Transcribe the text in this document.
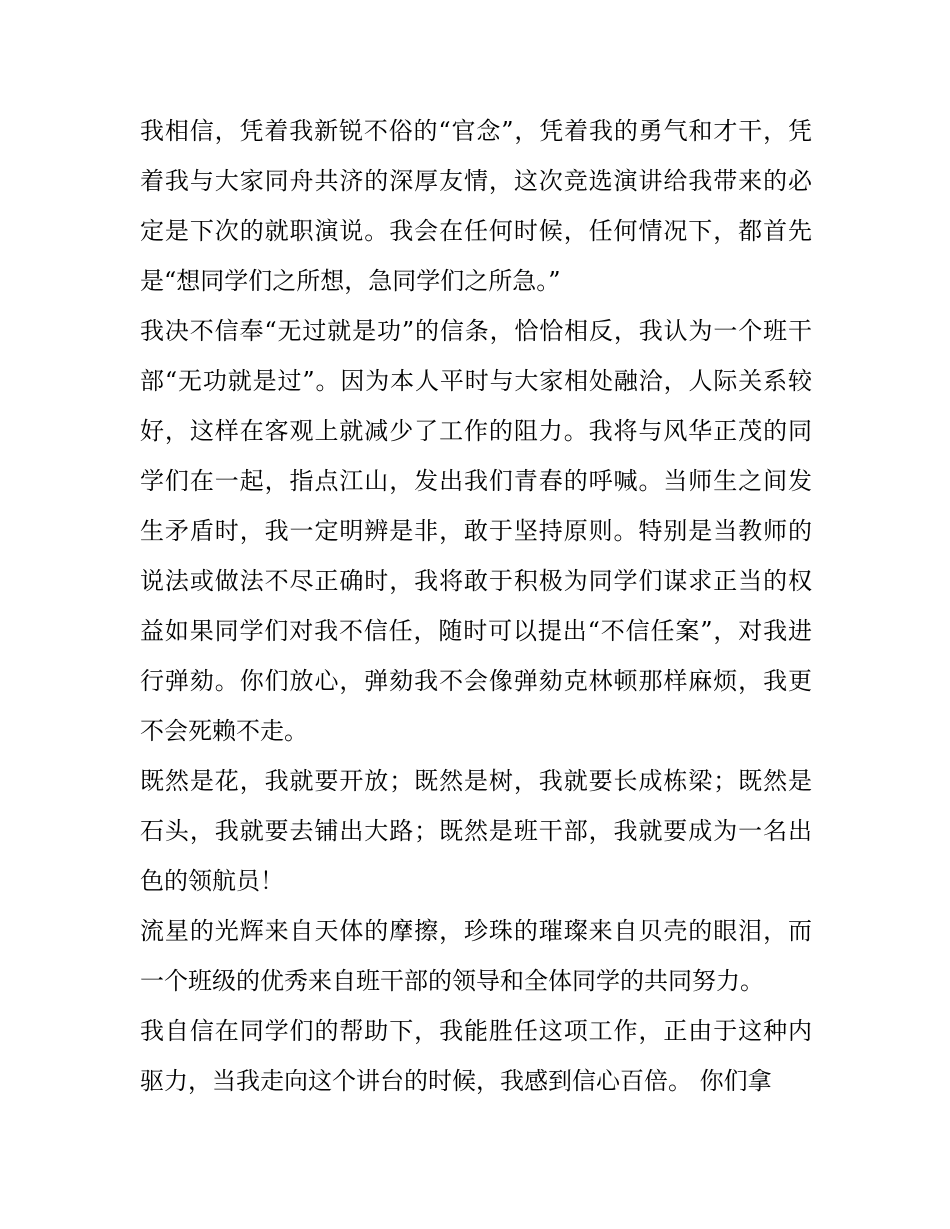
我相信，凭着我新锐不俗的“官念”，凭着我的勇气和才干，凭
着我与大家同舟共济的深厚友情，这次竞选演讲给我带来的必
定是下次的就职演说。我会在任何时候，任何情况下，都首先
是“想同学们之所想，急同学们之所急。”
我决不信奉“无过就是功”的信条，恰恰相反，我认为一个班干
部“无功就是过”。因为本人平时与大家相处融洽，人际关系较
好，这样在客观上就减少了工作的阻力。我将与风华正茂的同
学们在一起，指点江山，发出我们青春的呼喊。当师生之间发
生矛盾时，我一定明辨是非，敢于坚持原则。特别是当教师的
说法或做法不尽正确时，我将敢于积极为同学们谋求正当的权
益如果同学们对我不信任，随时可以提出“不信任案”，对我进
行弹劾。你们放心，弹劾我不会像弹劾克林顿那样麻烦，我更
不会死赖不走。
既然是花，我就要开放；既然是树，我就要长成栋梁；既然是
石头，我就要去铺出大路；既然是班干部，我就要成为一名出
色的领航员！
流星的光辉来自天体的摩擦，珍珠的璀璨来自贝壳的眼泪，而
一个班级的优秀来自班干部的领导和全体同学的共同努力。
我自信在同学们的帮助下，我能胜任这项工作，正由于这种内
驱力，当我走向这个讲台的时候，我感到信心百倍。 你们拿
